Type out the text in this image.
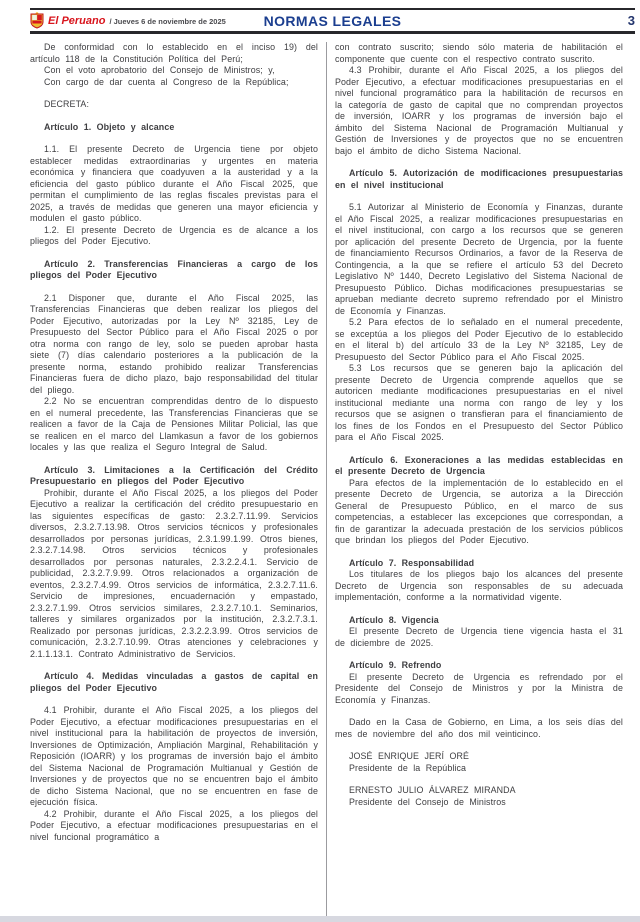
El Peruano / Jueves 6 de noviembre de 2025	NORMAS LEGALES	3

De conformidad con lo establecido en el inciso 19) del artículo 118 de la Constitución Política del Perú;

Con el voto aprobatorio del Consejo de Ministros; y,

Con cargo de dar cuenta al Congreso de la República;

DECRETA:

Artículo 1. Objeto y alcance

1.1. El presente Decreto de Urgencia tiene por objeto establecer medidas extraordinarias y urgentes en materia económica y financiera que coadyuven a la austeridad y a la eficiencia del gasto público durante el Año Fiscal 2025, que permitan el cumplimiento de las reglas fiscales previstas para el 2025, a través de medidas que generen una mayor eficiencia y modulen el gasto público.

1.2. El presente Decreto de Urgencia es de alcance a los pliegos del Poder Ejecutivo.

Artículo 2. Transferencias Financieras a cargo de los pliegos del Poder Ejecutivo

2.1 Disponer que, durante el Año Fiscal 2025, las Transferencias Financieras que deben realizar los pliegos del Poder Ejecutivo, autorizadas por la Ley Nº 32185, Ley de Presupuesto del Sector Público para el Año Fiscal 2025 o por otra norma con rango de ley, solo se pueden aprobar hasta siete (7) días calendario posteriores a la publicación de la presente norma, estando prohibido realizar Transferencias Financieras fuera de dicho plazo, bajo responsabilidad del titular del pliego.

2.2 No se encuentran comprendidas dentro de lo dispuesto en el numeral precedente, las Transferencias Financieras que se realicen a favor de la Caja de Pensiones Militar Policial, las que se realicen en el marco del Llamkasun a favor de los gobiernos locales y las que realiza el Seguro Integral de Salud.

Artículo 3. Limitaciones a la Certificación del Crédito Presupuestario en pliegos del Poder Ejecutivo

Prohibir, durante el Año Fiscal 2025, a los pliegos del Poder Ejecutivo a realizar la certificación del crédito presupuestario en las siguientes específicas de gasto: 2.3.2.7.11.99. Servicios diversos, 2.3.2.7.13.98. Otros servicios técnicos y profesionales desarrollados por personas jurídicas, 2.3.1.99.1.99. Otros bienes, 2.3.2.7.14.98. Otros servicios técnicos y profesionales desarrollados por personas naturales, 2.3.2.2.4.1. Servicio de publicidad, 2.3.2.7.9.99. Otros relacionados a organización de eventos, 2.3.2.7.4.99. Otros servicios de informática, 2.3.2.7.11.6. Servicio de impresiones, encuadernación y empastado, 2.3.2.7.1.99. Otros servicios similares, 2.3.2.7.10.1. Seminarios, talleres y similares organizados por la institución, 2.3.2.7.3.1. Realizado por personas jurídicas, 2.3.2.2.3.99. Otros servicios de comunicación, 2.3.2.7.10.99. Otras atenciones y celebraciones y 2.1.1.13.1. Contrato Administrativo de Servicios.

Artículo 4. Medidas vinculadas a gastos de capital en pliegos del Poder Ejecutivo

4.1 Prohibir, durante el Año Fiscal 2025, a los pliegos del Poder Ejecutivo, a efectuar modificaciones presupuestarias en el nivel institucional para la habilitación de proyectos de inversión, Inversiones de Optimización, Ampliación Marginal, Rehabilitación y Reposición (IOARR) y los programas de inversión bajo el ámbito del Sistema Nacional de Programación Multianual y Gestión de Inversiones y de proyectos que no se encuentren bajo el ámbito de dicho Sistema Nacional, que no se encuentren en fase de ejecución física.

4.2 Prohibir, durante el Año Fiscal 2025, a los pliegos del Poder Ejecutivo, a efectuar modificaciones presupuestarias en el nivel funcional programático a

con contrato suscrito; siendo sólo materia de habilitación el componente que cuente con el respectivo contrato suscrito.

4.3 Prohibir, durante el Año Fiscal 2025, a los pliegos del Poder Ejecutivo, a efectuar modificaciones presupuestarias en el nivel funcional programático para la habilitación de recursos en la categoría de gasto de capital que no comprendan proyectos de inversión, IOARR y los programas de inversión bajo el ámbito del Sistema Nacional de Programación Multianual y Gestión de Inversiones y de proyectos que no se encuentren bajo el ámbito de dicho Sistema Nacional.

Artículo 5. Autorización de modificaciones presupuestarias en el nivel institucional

5.1 Autorizar al Ministerio de Economía y Finanzas, durante el Año Fiscal 2025, a realizar modificaciones presupuestarias en el nivel institucional, con cargo a los recursos que se generen por aplicación del presente Decreto de Urgencia, por la fuente de financiamiento Recursos Ordinarios, a favor de la Reserva de Contingencia, a la que se refiere el artículo 53 del Decreto Legislativo Nº 1440, Decreto Legislativo del Sistema Nacional de Presupuesto Público. Dichas modificaciones presupuestarias se aprueban mediante decreto supremo refrendado por el Ministro de Economía y Finanzas.

5.2 Para efectos de lo señalado en el numeral precedente, se exceptúa a los pliegos del Poder Ejecutivo de lo establecido en el literal b) del artículo 33 de la Ley Nº 32185, Ley de Presupuesto del Sector Público para el Año Fiscal 2025.

5.3 Los recursos que se generen bajo la aplicación del presente Decreto de Urgencia comprende aquellos que se autoricen mediante modificaciones presupuestarias en el nivel institucional mediante una norma con rango de ley y los recursos que se asignen o transfieran para el financiamiento de los fines de los Fondos en el Presupuesto del Sector Público para el Año Fiscal 2025.

Artículo 6. Exoneraciones a las medidas establecidas en el presente Decreto de Urgencia

Para efectos de la implementación de lo establecido en el presente Decreto de Urgencia, se autoriza a la Dirección General de Presupuesto Público, en el marco de sus competencias, a establecer las excepciones que correspondan, a fin de garantizar la adecuada prestación de los servicios públicos que brindan los pliegos del Poder Ejecutivo.

Artículo 7. Responsabilidad

Los titulares de los pliegos bajo los alcances del presente Decreto de Urgencia son responsables de su adecuada implementación, conforme a la normatividad vigente.

Artículo 8. Vigencia

El presente Decreto de Urgencia tiene vigencia hasta el 31 de diciembre de 2025.

Artículo 9. Refrendo

El presente Decreto de Urgencia es refrendado por el Presidente del Consejo de Ministros y por la Ministra de Economía y Finanzas.

Dado en la Casa de Gobierno, en Lima, a los seis días del mes de noviembre del año dos mil veinticinco.

JOSÉ ENRIQUE JERÍ ORÉ

Presidente de la República

ERNESTO JULIO ÁLVAREZ MIRANDA

Presidente del Consejo de Ministros
